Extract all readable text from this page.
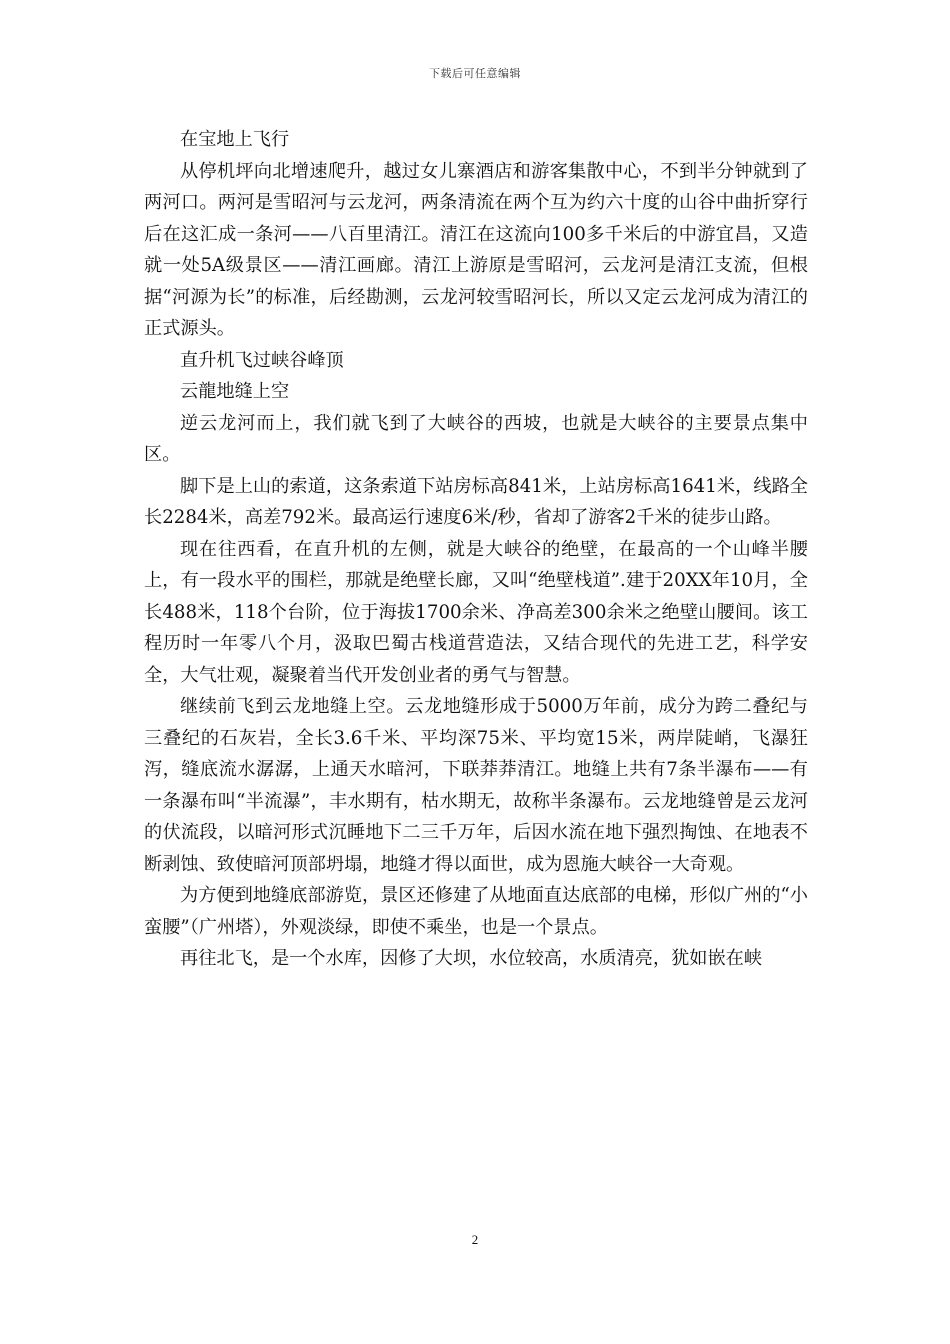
下载后可任意编辑

在宝地上飞行

从停机坪向北增速爬升，越过女儿寨酒店和游客集散中心，不到半分钟就到了两河口。两河是雪昭河与云龙河，两条清流在两个互为约六十度的山谷中曲折穿行后在这汇成一条河——八百里清江。清江在这流向100多千米后的中游宜昌，又造就一处5A级景区——清江画廊。清江上游原是雪昭河，云龙河是清江支流，但根据“河源为长”的标准，后经勘测，云龙河较雪昭河长，所以又定云龙河成为清江的正式源头。

直升机飞过峡谷峰顶

云龍地缝上空

逆云龙河而上，我们就飞到了大峡谷的西坡，也就是大峡谷的主要景点集中区。

脚下是上山的索道，这条索道下站房标高841米，上站房标高1641米，线路全长2284米，高差792米。最高运行速度6米/秒，省却了游客2千米的徒步山路。

现在往西看，在直升机的左侧，就是大峡谷的绝壁，在最高的一个山峰半腰上，有一段水平的围栏，那就是绝壁长廊，又叫“绝壁栈道”.建于20XX年10月，全长488米，118个台阶，位于海拔1700余米、净高差300余米之绝壁山腰间。该工程历时一年零八个月，汲取巴蜀古栈道营造法，又结合现代的先进工艺，科学安全，大气壮观，凝聚着当代开发创业者的勇气与智慧。

继续前飞到云龙地缝上空。云龙地缝形成于5000万年前，成分为跨二叠纪与三叠纪的石灰岩，全长3.6千米、平均深75米、平均宽15米，两岸陡峭，飞瀑狂泻，缝底流水潺潺，上通天水暗河，下联莽莽清江。地缝上共有7条半瀑布——有一条瀑布叫“半流瀑”，丰水期有，枯水期无，故称半条瀑布。云龙地缝曾是云龙河的伏流段，以暗河形式沉睡地下二三千万年，后因水流在地下强烈掏蚀、在地表不断剥蚀、致使暗河顶部坍塌，地缝才得以面世，成为恩施大峡谷一大奇观。

为方便到地缝底部游览，景区还修建了从地面直达底部的电梯，形似广州的“小蛮腰”（广州塔），外观淡绿，即使不乘坐，也是一个景点。

再往北飞，是一个水库，因修了大坝，水位较高，水质清亮，犹如嵌在峡

2
